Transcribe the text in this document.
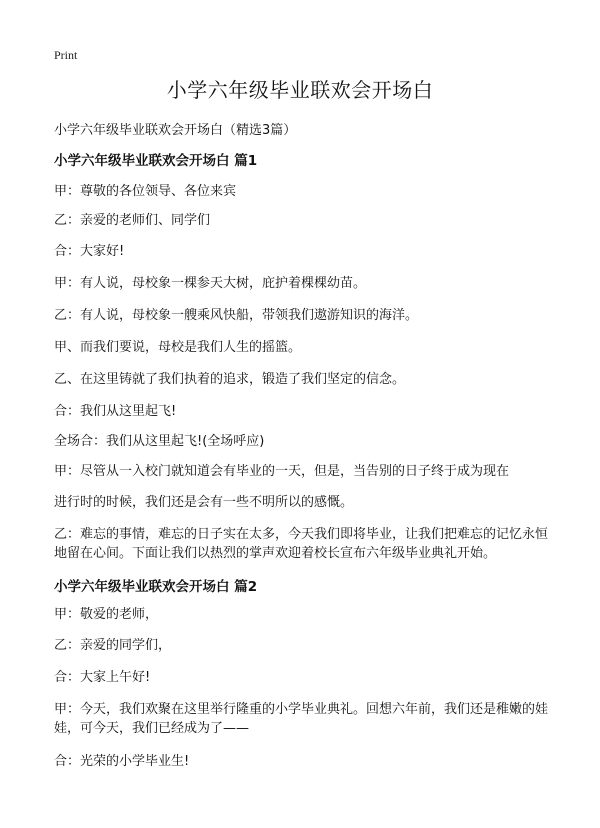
Print
小学六年级毕业联欢会开场白
小学六年级毕业联欢会开场白（精选3篇）
小学六年级毕业联欢会开场白 篇1
甲：尊敬的各位领导、各位来宾
乙：亲爱的老师们、同学们
合：大家好!
甲：有人说，母校象一棵参天大树，庇护着棵棵幼苗。
乙：有人说，母校象一艘乘风快船，带领我们遨游知识的海洋。
甲、而我们要说，母校是我们人生的摇篮。
乙、在这里铸就了我们执着的追求，锻造了我们坚定的信念。
合：我们从这里起飞!
全场合：我们从这里起飞!(全场呼应)
甲：尽管从一入校门就知道会有毕业的一天，但是，当告别的日子终于成为现在
进行时的时候，我们还是会有一些不明所以的感慨。
乙：难忘的事情，难忘的日子实在太多，今天我们即将毕业，让我们把难忘的记忆永恒地留在心间。下面让我们以热烈的掌声欢迎着校长宣布六年级毕业典礼开始。
小学六年级毕业联欢会开场白 篇2
甲：敬爱的老师，
乙：亲爱的同学们，
合：大家上午好!
甲：今天，我们欢聚在这里举行隆重的小学毕业典礼。回想六年前，我们还是稚嫩的娃娃，可今天，我们已经成为了——
合：光荣的小学毕业生!
